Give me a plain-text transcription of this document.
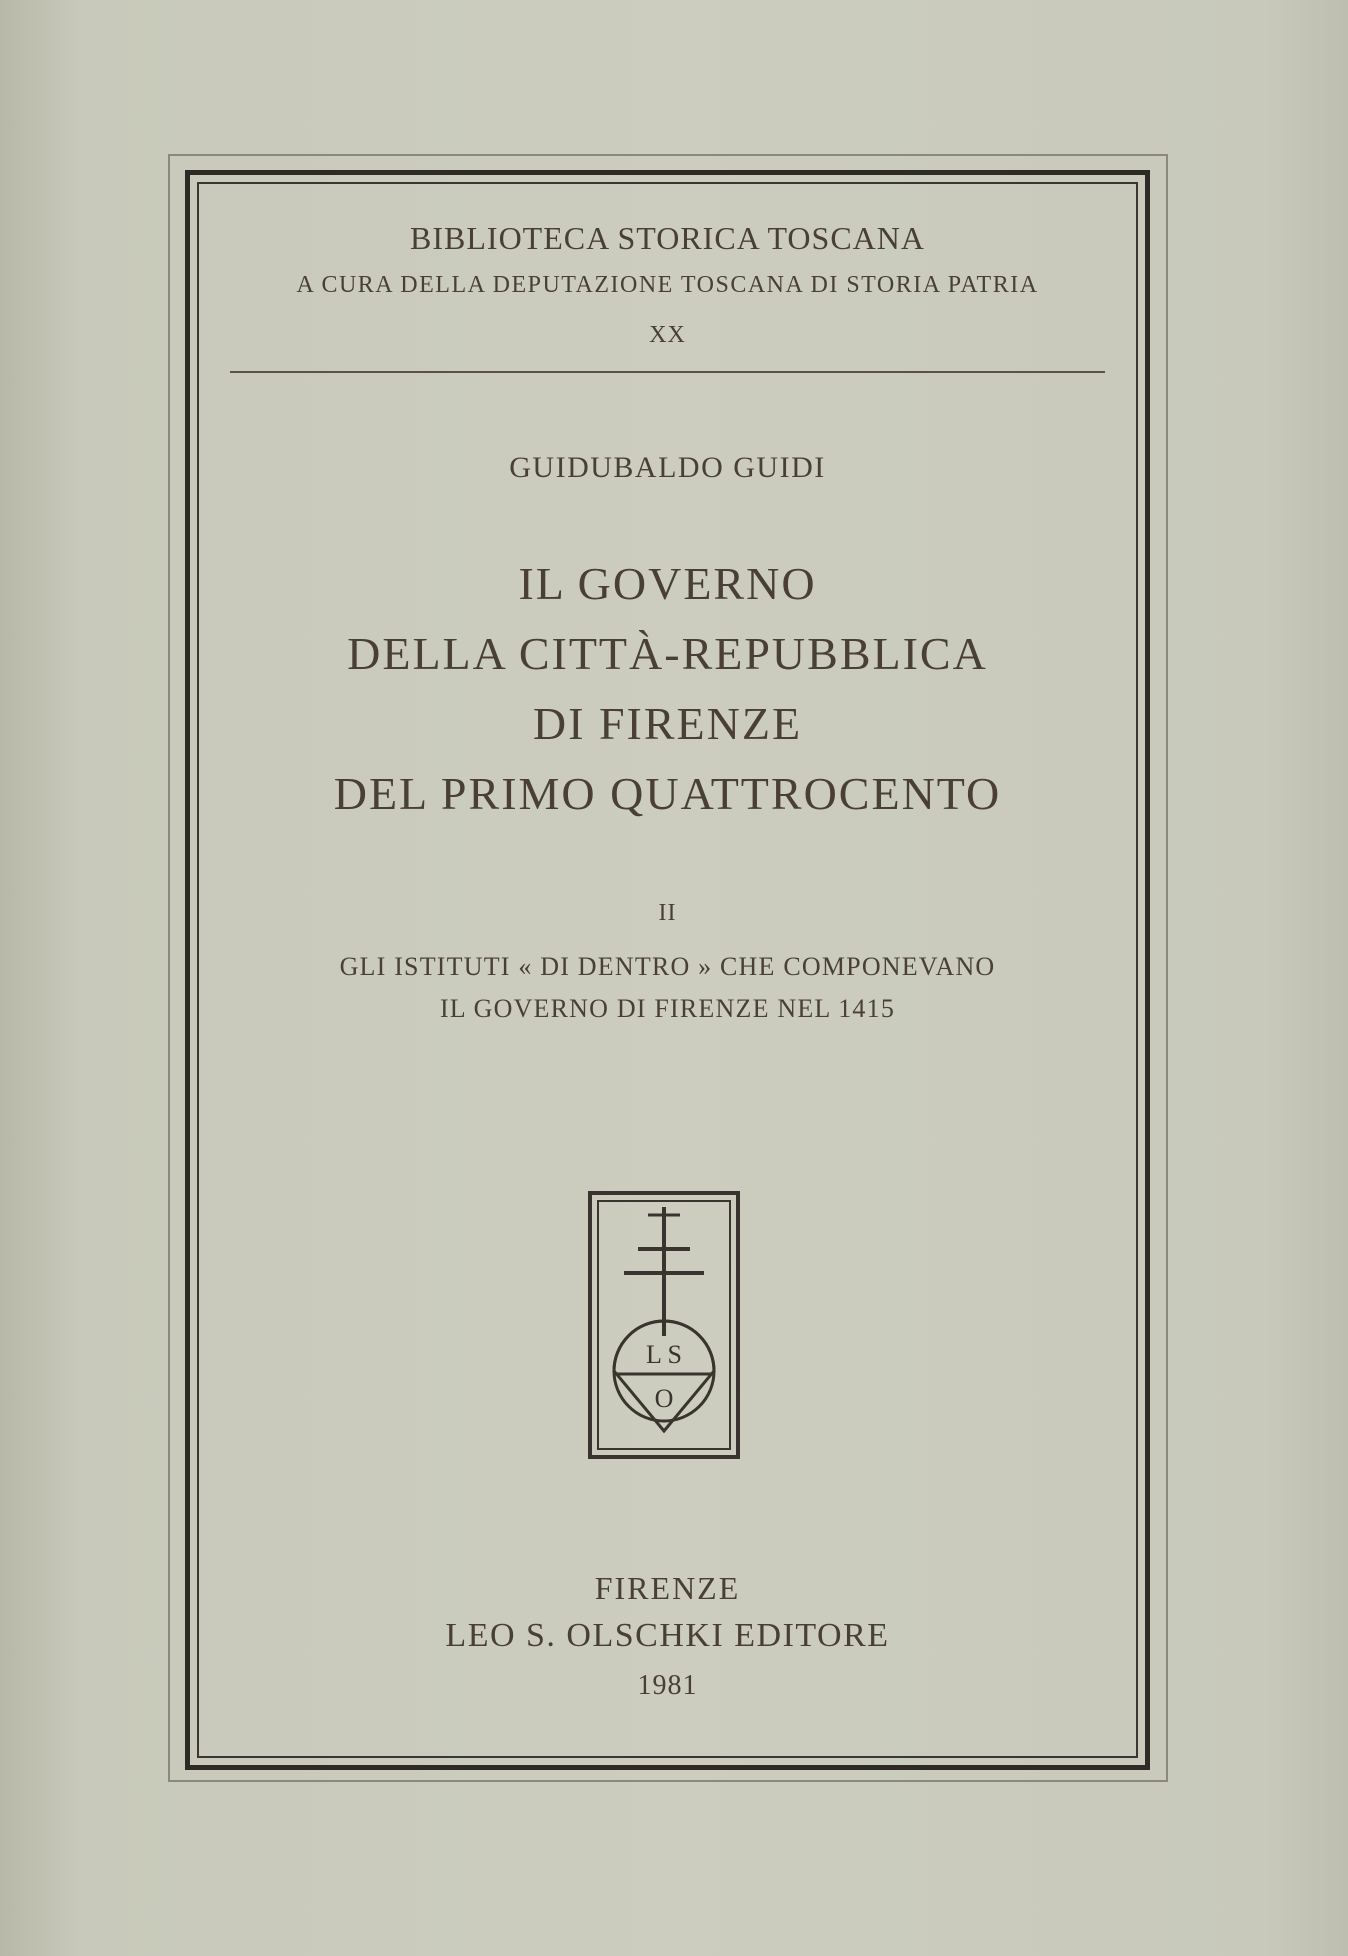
BIBLIOTECA STORICA TOSCANA
A CURA DELLA DEPUTAZIONE TOSCANA DI STORIA PATRIA
XX
GUIDUBALDO GUIDI
IL GOVERNO
DELLA CITTÀ-REPUBBLICA
DI FIRENZE
DEL PRIMO QUATTROCENTO
II
GLI ISTITUTI « DI DENTRO » CHE COMPONEVANO
IL GOVERNO DI FIRENZE NEL 1415
L S
O
FIRENZE
LEO S. OLSCHKI EDITORE
1981
